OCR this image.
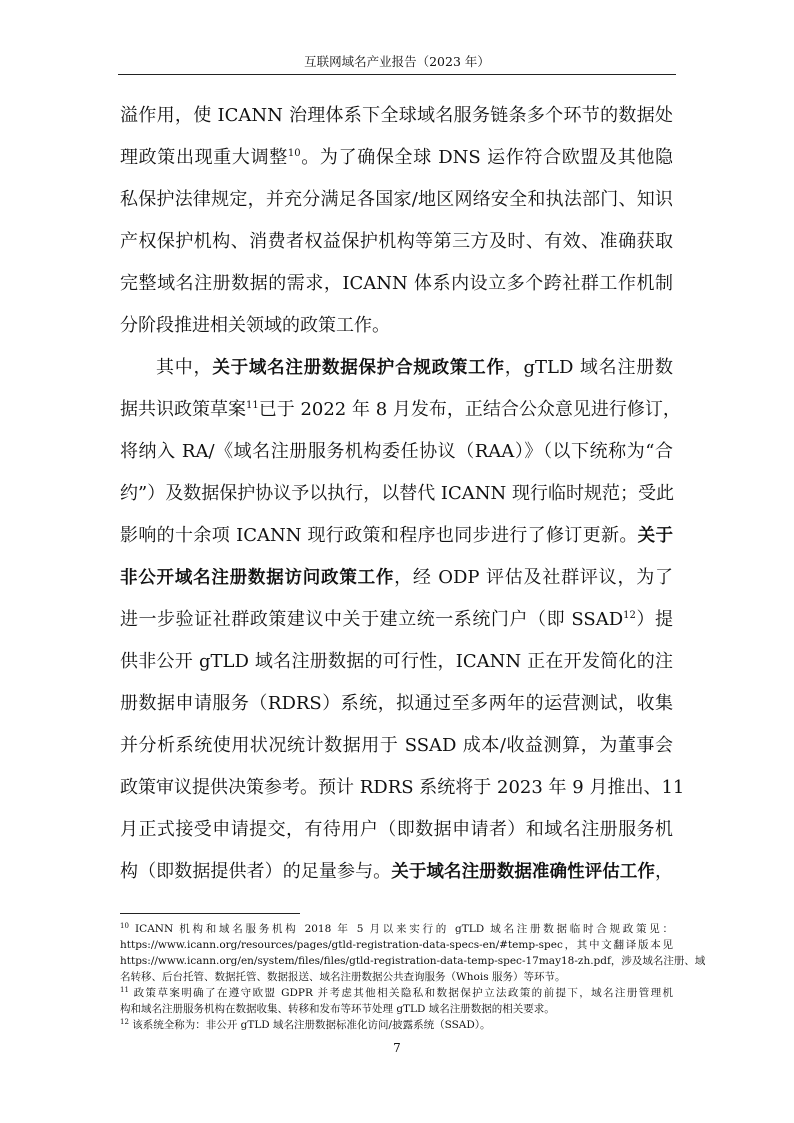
互联网域名产业报告（2023 年）
溢作用，使 ICANN 治理体系下全球域名服务链条多个环节的数据处
理政策出现重大调整$^{10}$。为了确保全球 DNS 运作符合欧盟及其他隐
私保护法律规定，并充分满足各国家/地区网络安全和执法部门、知识
产权保护机构、消费者权益保护机构等第三方及时、有效、准确获取
完整域名注册数据的需求，ICANN 体系内设立多个跨社群工作机制
分阶段推进相关领域的政策工作。
其中，关于域名注册数据保护合规政策工作，gTLD 域名注册数
据共识政策草案$^{11}$已于 2022 年 8 月发布，正结合公众意见进行修订，
将纳入 RA/《域名注册服务机构委任协议（RAA）》（以下统称为“合
约”）及数据保护协议予以执行，以替代 ICANN 现行临时规范；受此
影响的十余项 ICANN 现行政策和程序也同步进行了修订更新。关于
非公开域名注册数据访问政策工作，经 ODP 评估及社群评议，为了
进一步验证社群政策建议中关于建立统一系统门户（即 SSAD$^{12}$）提
供非公开 gTLD 域名注册数据的可行性，ICANN 正在开发简化的注
册数据申请服务（RDRS）系统，拟通过至多两年的运营测试，收集
并分析系统使用状况统计数据用于 SSAD 成本/收益测算，为董事会
政策审议提供决策参考。预计 RDRS 系统将于 2023 年 9 月推出、11
月正式接受申请提交，有待用户（即数据申请者）和域名注册服务机
构（即数据提供者）的足量参与。关于域名注册数据准确性评估工作，
$^{10}$ ICANN 机构和域名服务机构 2018 年 5 月以来实行的 gTLD 域名注册数据临时合规政策见：
https://www.icann.org/resources/pages/gtld-registration-data-specs-en/#temp-spec，其中文翻译版本见
https://www.icann.org/en/system/files/files/gtld-registration-data-temp-spec-17may18-zh.pdf，涉及域名注册、域
名转移、后台托管、数据托管、数据报送、域名注册数据公共查询服务（Whois 服务）等环节。
$^{11}$ 政策草案明确了在遵守欧盟 GDPR 并考虑其他相关隐私和数据保护立法政策的前提下，域名注册管理机
构和域名注册服务机构在数据收集、转移和发布等环节处理 gTLD 域名注册数据的相关要求。
$^{12}$ 该系统全称为：非公开 gTLD 域名注册数据标准化访问/披露系统（SSAD）。
7
